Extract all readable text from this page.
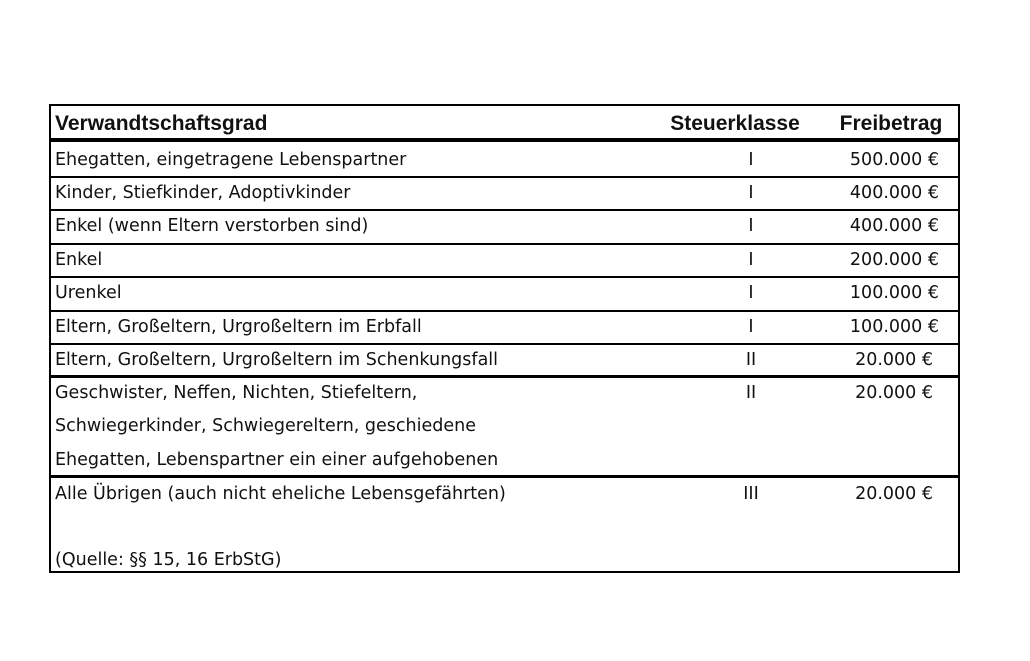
Verwandtschaftsgrad	Steuerklasse	Freibetrag
Ehegatten, eingetragene Lebenspartner	I	500.000 €
Kinder, Stiefkinder, Adoptivkinder	I	400.000 €
Enkel (wenn Eltern verstorben sind)	I	400.000 €
Enkel	I	200.000 €
Urenkel	I	100.000 €
Eltern, Großeltern, Urgroßeltern im Erbfall	I	100.000 €
Eltern, Großeltern, Urgroßeltern im Schenkungsfall	II	20.000 €
Geschwister, Neffen, Nichten, Stiefeltern,
Schwiegerkinder, Schwiegereltern, geschiedene
Ehegatten, Lebenspartner ein einer aufgehobenen
II	20.000 €
Alle Übrigen (auch nicht eheliche Lebensgefährten)	III	20.000 €
(Quelle: §§ 15, 16 ErbStG)
